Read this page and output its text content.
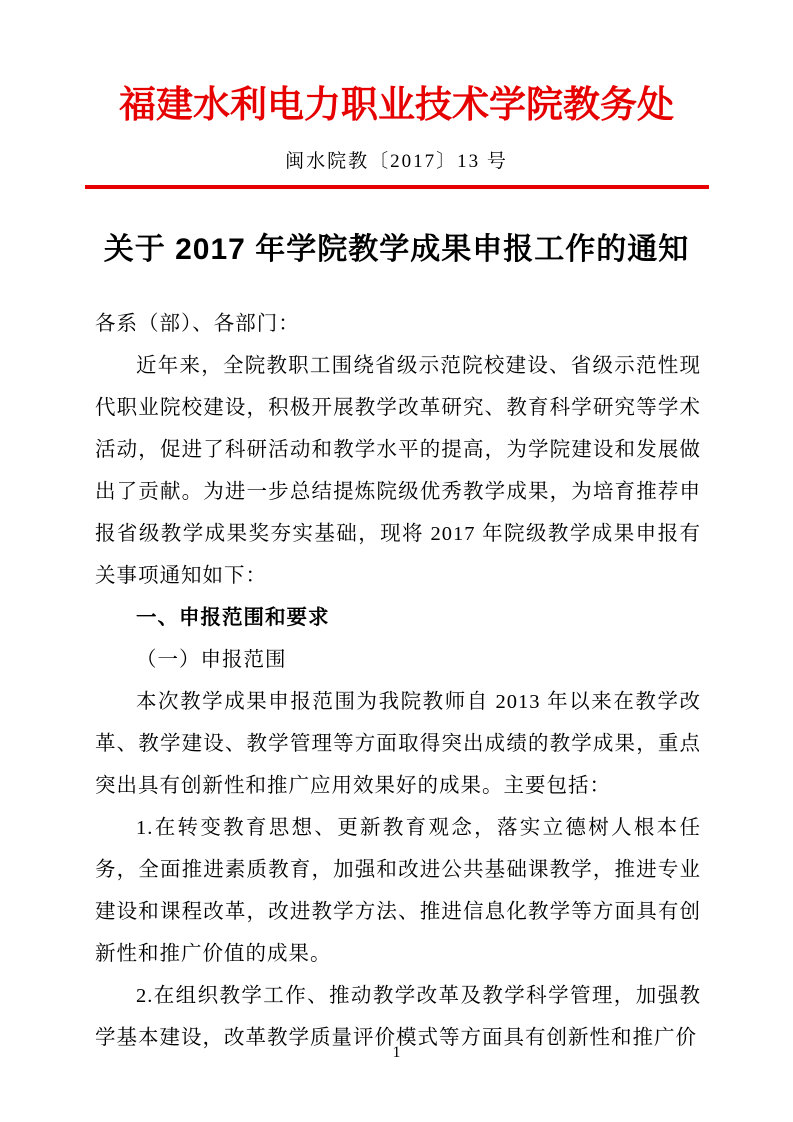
福建水利电力职业技术学院教务处
闽水院教〔2017〕13 号
关于 2017 年学院教学成果申报工作的通知

各系（部）、各部门：

近年来，全院教职工围绕省级示范院校建设、省级示范性现代职业院校建设，积极开展教学改革研究、教育科学研究等学术活动，促进了科研活动和教学水平的提高，为学院建设和发展做出了贡献。为进一步总结提炼院级优秀教学成果，为培育推荐申报省级教学成果奖夯实基础，现将 2017 年院级教学成果申报有关事项通知如下：

一、申报范围和要求

（一）申报范围

本次教学成果申报范围为我院教师自 2013 年以来在教学改革、教学建设、教学管理等方面取得突出成绩的教学成果，重点突出具有创新性和推广应用效果好的成果。主要包括：

1.在转变教育思想、更新教育观念，落实立德树人根本任务，全面推进素质教育，加强和改进公共基础课教学，推进专业建设和课程改革，改进教学方法、推进信息化教学等方面具有创新性和推广价值的成果。

2.在组织教学工作、推动教学改革及教学科学管理，加强教学基本建设，改革教学质量评价模式等方面具有创新性和推广价

1
